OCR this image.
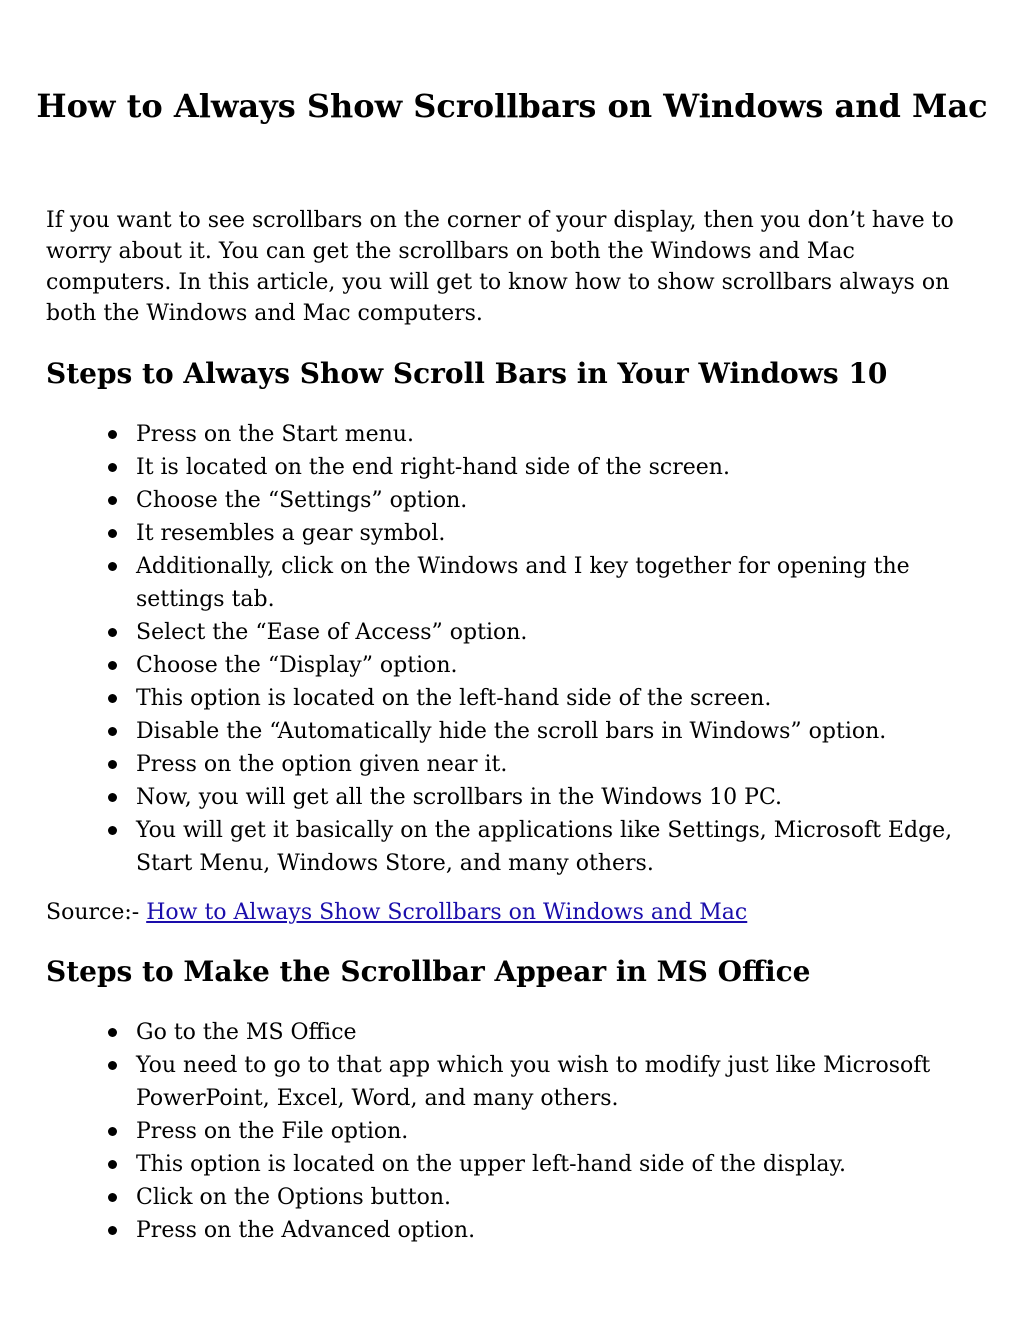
How to Always Show Scrollbars on Windows and Mac

If you want to see scrollbars on the corner of your display, then you don’t have to worry about it. You can get the scrollbars on both the Windows and Mac computers. In this article, you will get to know how to show scrollbars always on both the Windows and Mac computers.

Steps to Always Show Scroll Bars in Your Windows 10
Press on the Start menu.
It is located on the end right-hand side of the screen.
Choose the “Settings” option.
It resembles a gear symbol.
Additionally, click on the Windows and I key together for opening the settings tab.
Select the “Ease of Access” option.
Choose the “Display” option.
This option is located on the left-hand side of the screen.
Disable the “Automatically hide the scroll bars in Windows” option.
Press on the option given near it.
Now, you will get all the scrollbars in the Windows 10 PC.
You will get it basically on the applications like Settings, Microsoft Edge, Start Menu, Windows Store, and many others.

Source:- How to Always Show Scrollbars on Windows and Mac

Steps to Make the Scrollbar Appear in MS Office
Go to the MS Office
You need to go to that app which you wish to modify just like Microsoft PowerPoint, Excel, Word, and many others.
Press on the File option.
This option is located on the upper left-hand side of the display.
Click on the Options button.
Press on the Advanced option.
